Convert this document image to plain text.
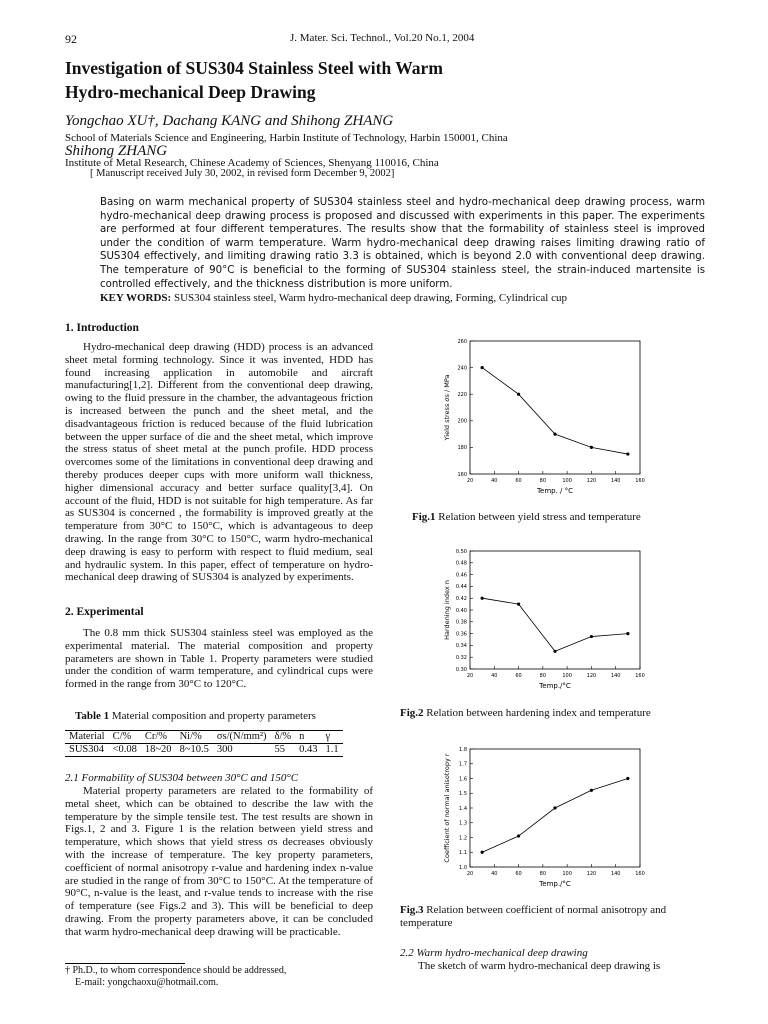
92	J. Mater. Sci. Technol., Vol.20 No.1, 2004
Investigation of SUS304 Stainless Steel with Warm
Hydro-mechanical Deep Drawing
Yongchao XU†, Dachang KANG and Shihong ZHANG
School of Materials Science and Engineering, Harbin Institute of Technology, Harbin 150001, China
Shihong ZHANG
Institute of Metal Research, Chinese Academy of Sciences, Shenyang 110016, China
[ Manuscript received July 30, 2002, in revised form December 9, 2002]
Basing on warm mechanical property of SUS304 stainless steel and hydro-mechanical deep drawing process, warm hydro-mechanical deep drawing process is proposed and discussed with experiments in this paper. The experiments are performed at four different temperatures. The results show that the formability of stainless steel is improved under the condition of warm temperature. Warm hydro-mechanical deep drawing raises limiting drawing ratio of SUS304 effectively, and limiting drawing ratio 3.3 is obtained, which is beyond 2.0 with conventional deep drawing. The temperature of 90°C is beneficial to the forming of SUS304 stainless steel, the strain-induced martensite is controlled effectively, and the thickness distribution is more uniform.
KEY WORDS: SUS304 stainless steel, Warm hydro-mechanical deep drawing, Forming, Cylindrical cup
1. Introduction

Hydro-mechanical deep drawing (HDD) process is an advanced sheet metal forming technology. Since it was invented, HDD has found increasing application in automobile and aircraft manufacturing[1,2]. Different from the conventional deep drawing, owing to the fluid pressure in the chamber, the advantageous friction is increased between the punch and the sheet metal, and the disadvantageous friction is reduced because of the fluid lubrication between the upper surface of die and the sheet metal, which improve the stress status of sheet metal at the punch profile. HDD process overcomes some of the limitations in conventional deep drawing and thereby produces deeper cups with more uniform wall thickness, higher dimensional accuracy and better surface quality[3,4]. On account of the fluid, HDD is not suitable for high temperature. As far as SUS304 is concerned , the formability is improved greatly at the temperature from 30°C to 150°C, which is advantageous to deep drawing. In the range from 30°C to 150°C, warm hydro-mechanical deep drawing is easy to perform with respect to fluid medium, seal and hydraulic system. In this paper, effect of temperature on hydro-mechanical deep drawing of SUS304 is analyzed by experiments.

2. Experimental

The 0.8 mm thick SUS304 stainless steel was employed as the experimental material. The material composition and property parameters are shown in Table 1. Property parameters were studied under the condition of warm temperature, and cylindrical cups were formed in the range from 30°C to 120°C.

Table 1 Material composition and property parameters
Material	C/%	Cr/%	Ni/%	σs/(N/mm²)	δ/%	n	γ
SUS304	<0.08	18~20	8~10.5	300	55	0.43	1.1
2.1 Formability of SUS304 between 30°C and 150°C

Material property parameters are related to the formability of metal sheet, which can be obtained to describe the law with the temperature by the simple tensile test. The test results are shown in Figs.1, 2 and 3. Figure 1 is the relation between yield stress and temperature, which shows that yield stress σs decreases obviously with the increase of temperature. The key property parameters, coefficient of normal anisotropy r-value and hardening index n-value are studied in the range of from 30°C to 150°C. At the temperature of 90°C, n-value is the least, and r-value tends to increase with the rise of temperature (see Figs.2 and 3). This will be beneficial to deep drawing. From the property parameters above, it can be concluded that warm hydro-mechanical deep drawing will be practicable.

† Ph.D., to whom correspondence should be addressed,
E-mail: yongchaoxu@hotmail.com.
20	40	60	80	100	120	140	160
160
180
200
220
240
260
Temp. / °C
Yield stress σs / MPa
Fig.1 Relation between yield stress and temperature
20	40	60	80	100	120	140	160
0.30
0.32
0.34
0.36
0.38
0.40
0.42
0.44
0.46
0.48
0.50
Temp./°C
Hardening index n
Fig.2 Relation between hardening index and temperature
20	40	60	80	100	120	140	160
1.0
1.1
1.2
1.3
1.4
1.5
1.6
1.7
1.8
Temp./°C
Coefficient of normal anisotropy r
Fig.3 Relation between coefficient of normal anisotropy and temperature
2.2 Warm hydro-mechanical deep drawing

The sketch of warm hydro-mechanical deep drawing is
